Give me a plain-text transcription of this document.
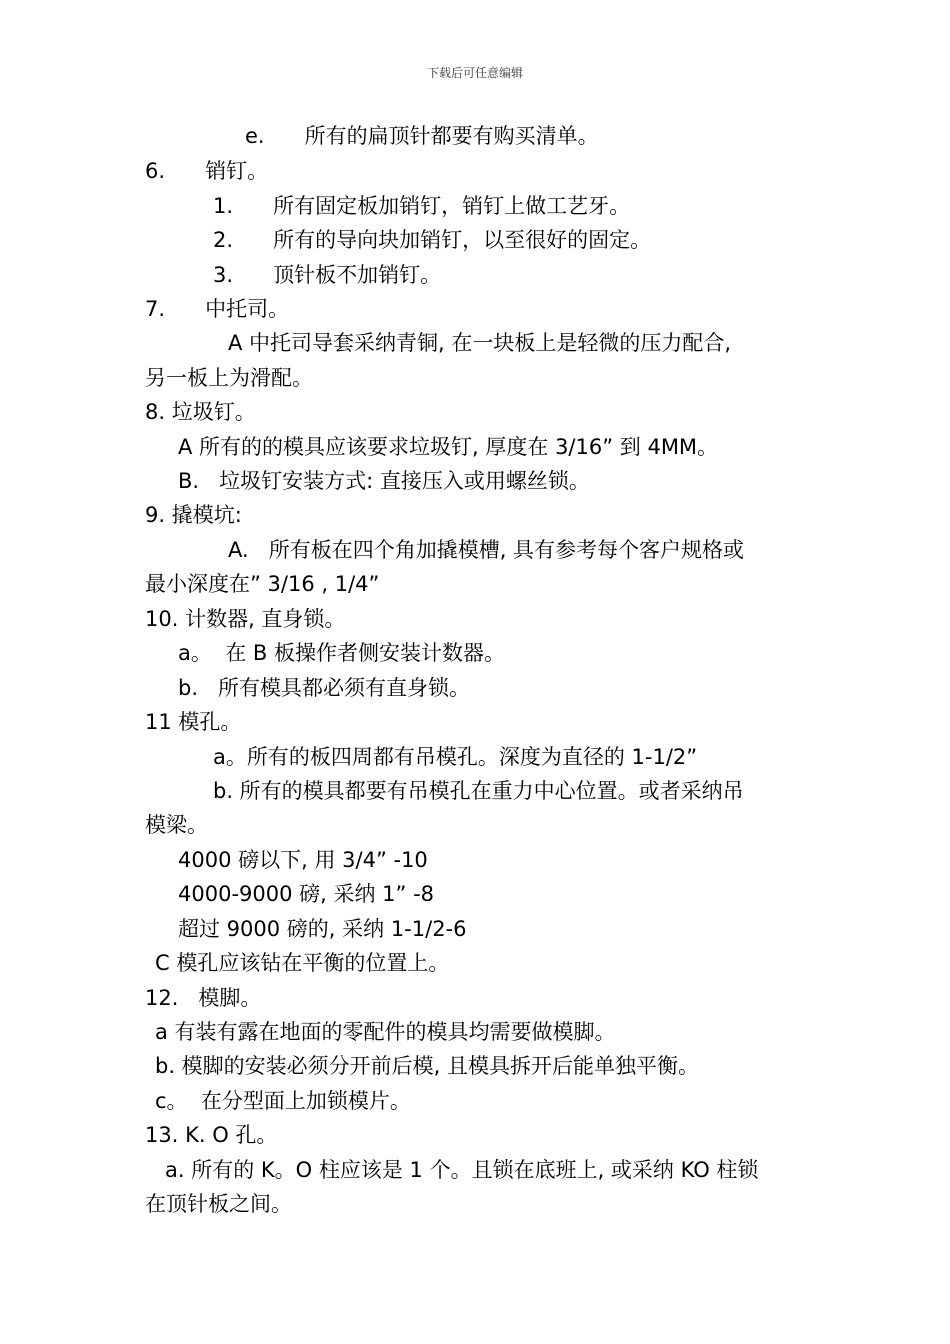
下载后可任意编辑
e.      所有的扁顶针都要有购买清单。
6.      销钉。
1.      所有固定板加销钉，销钉上做工艺牙。
2.      所有的导向块加销钉，以至很好的固定。
3.      顶针板不加销钉。
7.      中托司。
A 中托司导套采纳青铜, 在一块板上是轻微的压力配合,
另一板上为滑配。
8. 垃圾钉。
A 所有的的模具应该要求垃圾钉, 厚度在 3/16” 到 4MM。
B.   垃圾钉安装方式: 直接压入或用螺丝锁。
9. 撬模坑:
A.   所有板在四个角加撬模槽, 具有参考每个客户规格或
最小深度在” 3/16 , 1/4”
10. 计数器, 直身锁。
a。  在 B 板操作者侧安装计数器。
b.   所有模具都必须有直身锁。
11 模孔。
a。所有的板四周都有吊模孔。深度为直径的 1-1/2”
b. 所有的模具都要有吊模孔在重力中心位置。或者采纳吊
模梁。
4000 磅以下, 用 3/4” -10
4000-9000 磅, 采纳 1” -8
超过 9000 磅的, 采纳 1-1/2-6
C 模孔应该钻在平衡的位置上。
12.   模脚。
a 有装有露在地面的零配件的模具均需要做模脚。
b. 模脚的安装必须分开前后模, 且模具拆开后能单独平衡。
c。  在分型面上加锁模片。
13. K. O 孔。
a. 所有的 K。O 柱应该是 1 个。且锁在底班上, 或采纳 KO 柱锁
在顶针板之间。
